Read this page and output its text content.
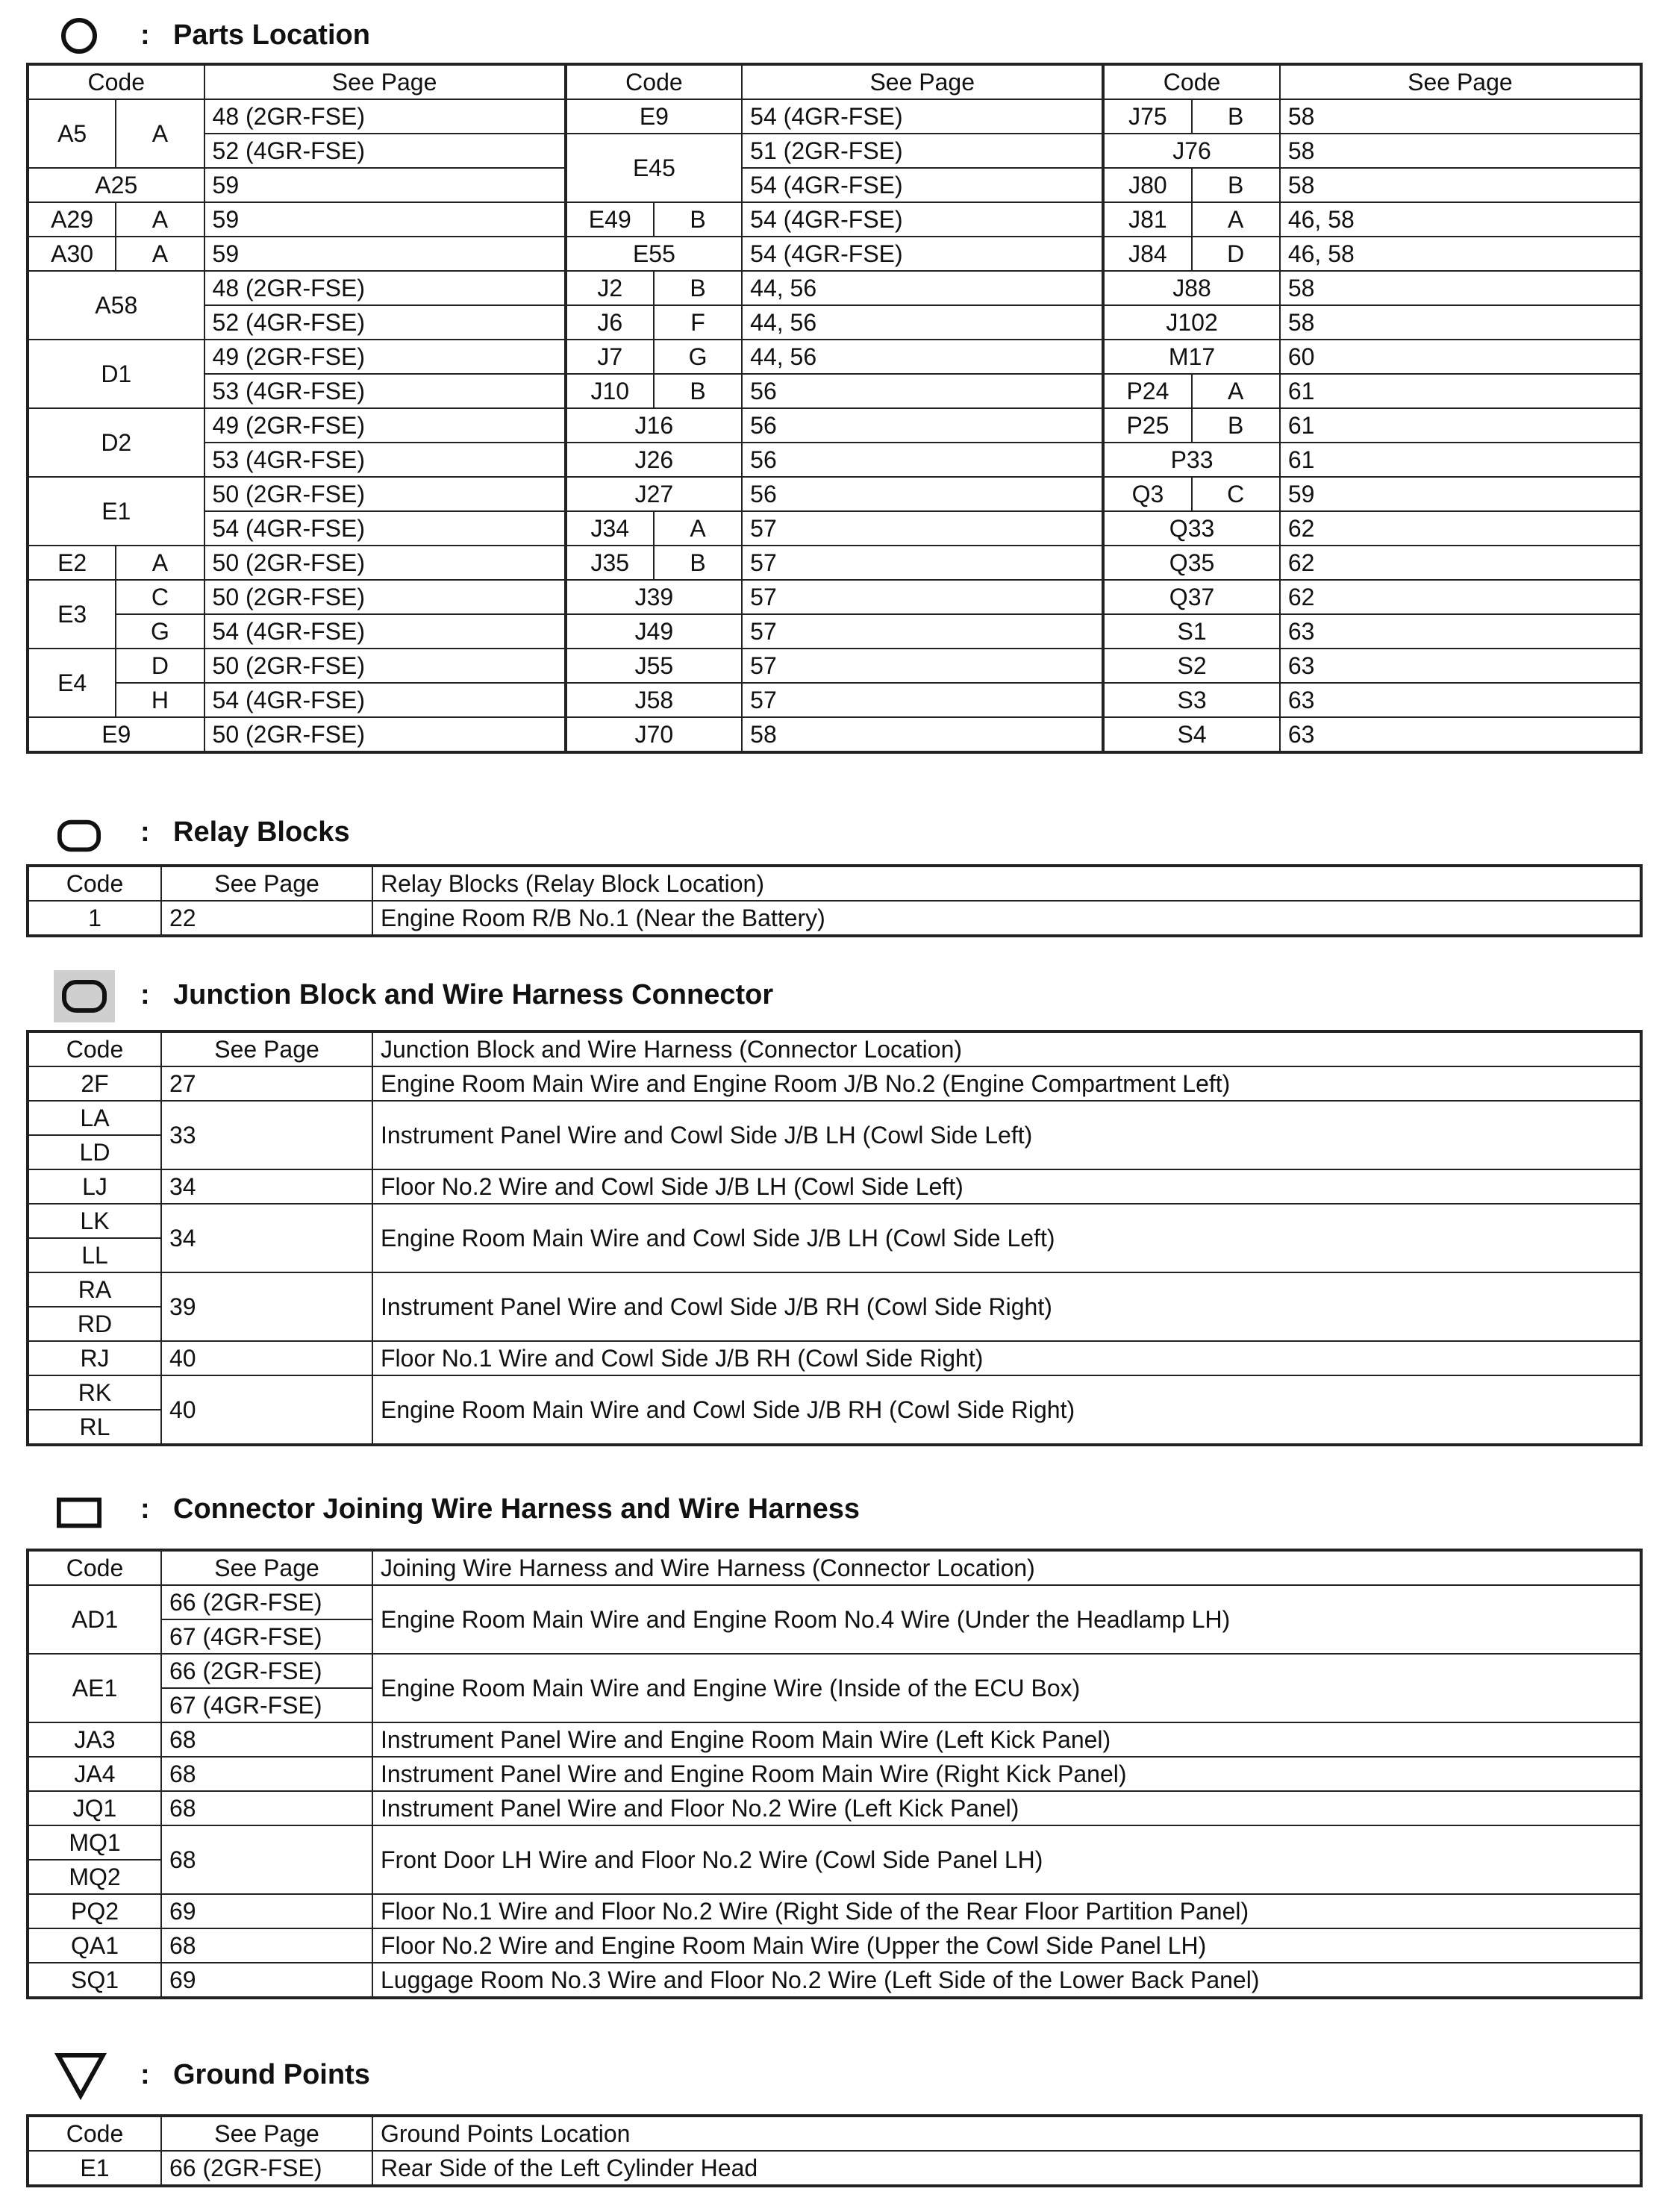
: Parts Location
Code		See Page	Code		See Page	Code		See Page
A5	A	48 (2GR-FSE)	E9		54 (4GR-FSE)	J75	B	58
		52 (4GR-FSE)	E45		51 (2GR-FSE)	J76		58
A25		59			54 (4GR-FSE)	J80	B	58
A29	A	59	E49	B	54 (4GR-FSE)	J81	A	46, 58
A30	A	59	E55		54 (4GR-FSE)	J84	D	46, 58
A58		48 (2GR-FSE)	J2	B	44, 56	J88		58
		52 (4GR-FSE)	J6	F	44, 56	J102		58
D1		49 (2GR-FSE)	J7	G	44, 56	M17		60
		53 (4GR-FSE)	J10	B	56	P24	A	61
D2		49 (2GR-FSE)	J16		56	P25	B	61
		53 (4GR-FSE)	J26		56	P33		61
E1		50 (2GR-FSE)	J27		56	Q3	C	59
		54 (4GR-FSE)	J34	A	57	Q33		62
E2	A	50 (2GR-FSE)	J35	B	57	Q35		62
E3	C	50 (2GR-FSE)	J39		57	Q37		62
	G	54 (4GR-FSE)	J49		57	S1		63
E4	D	50 (2GR-FSE)	J55		57	S2		63
	H	54 (4GR-FSE)	J58		57	S3		63
E9		50 (2GR-FSE)	J70		58	S4		63
: Relay Blocks
Code	See Page	Relay Blocks (Relay Block Location)
1	22	Engine Room R/B No.1 (Near the Battery)
: Junction Block and Wire Harness Connector
Code	See Page	Junction Block and Wire Harness (Connector Location)
2F	27	Engine Room Main Wire and Engine Room J/B No.2 (Engine Compartment Left)
LA	33	Instrument Panel Wire and Cowl Side J/B LH (Cowl Side Left)
LD		
LJ	34	Floor No.2 Wire and Cowl Side J/B LH (Cowl Side Left)
LK	34	Engine Room Main Wire and Cowl Side J/B LH (Cowl Side Left)
LL		
RA	39	Instrument Panel Wire and Cowl Side J/B RH (Cowl Side Right)
RD		
RJ	40	Floor No.1 Wire and Cowl Side J/B RH (Cowl Side Right)
RK	40	Engine Room Main Wire and Cowl Side J/B RH (Cowl Side Right)
RL		
: Connector Joining Wire Harness and Wire Harness
Code	See Page	Joining Wire Harness and Wire Harness (Connector Location)
AD1	66 (2GR-FSE)	Engine Room Main Wire and Engine Room No.4 Wire (Under the Headlamp LH)
	67 (4GR-FSE)	
AE1	66 (2GR-FSE)	Engine Room Main Wire and Engine Wire (Inside of the ECU Box)
	67 (4GR-FSE)	
JA3	68	Instrument Panel Wire and Engine Room Main Wire (Left Kick Panel)
JA4	68	Instrument Panel Wire and Engine Room Main Wire (Right Kick Panel)
JQ1	68	Instrument Panel Wire and Floor No.2 Wire (Left Kick Panel)
MQ1	68	Front Door LH Wire and Floor No.2 Wire (Cowl Side Panel LH)
MQ2		
PQ2	69	Floor No.1 Wire and Floor No.2 Wire (Right Side of the Rear Floor Partition Panel)
QA1	68	Floor No.2 Wire and Engine Room Main Wire (Upper the Cowl Side Panel LH)
SQ1	69	Luggage Room No.3 Wire and Floor No.2 Wire (Left Side of the Lower Back Panel)
: Ground Points
Code	See Page	Ground Points Location
E1	66 (2GR-FSE)	Rear Side of the Left Cylinder Head
